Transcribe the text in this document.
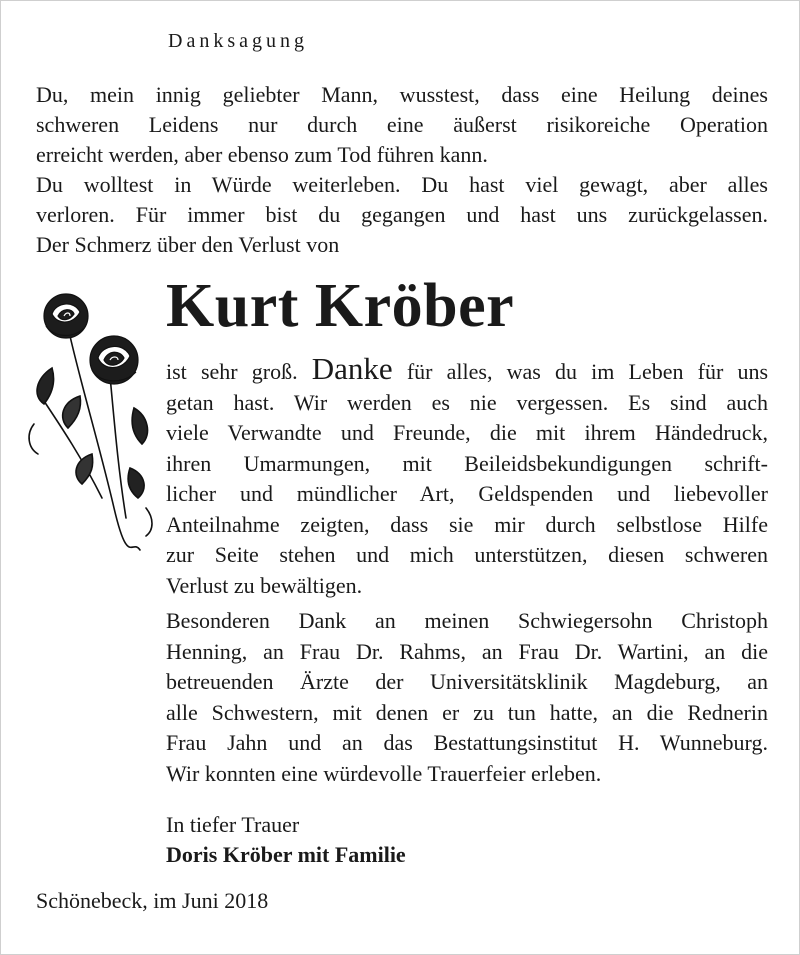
Danksagung
Du, mein innig geliebter Mann, wusstest, dass eine Heilung deines
schweren Leidens nur durch eine äußerst risikoreiche Operation
erreicht werden, aber ebenso zum Tod führen kann.
Du wolltest in Würde weiterleben. Du hast viel gewagt, aber alles
verloren. Für immer bist du gegangen und hast uns zurückgelassen.
Der Schmerz über den Verlust von
Kurt Kröber
ist sehr groß. Danke für alles, was du im Leben für uns
getan hast. Wir werden es nie vergessen. Es sind auch
viele Verwandte und Freunde, die mit ihrem Händedruck,
ihren Umarmungen, mit Beileidsbekundigungen schrift-
licher und mündlicher Art, Geldspenden und liebevoller
Anteilnahme zeigten, dass sie mir durch selbstlose Hilfe
zur Seite stehen und mich unterstützen, diesen schweren
Verlust zu bewältigen.
Besonderen Dank an meinen Schwiegersohn Christoph
Henning, an Frau Dr. Rahms, an Frau Dr. Wartini, an die
betreuenden Ärzte der Universitätsklinik Magdeburg, an
alle Schwestern, mit denen er zu tun hatte, an die Rednerin
Frau Jahn und an das Bestattungsinstitut H. Wunneburg.
Wir konnten eine würdevolle Trauerfeier erleben.
In tiefer Trauer
Doris Kröber mit Familie
Schönebeck, im Juni 2018
